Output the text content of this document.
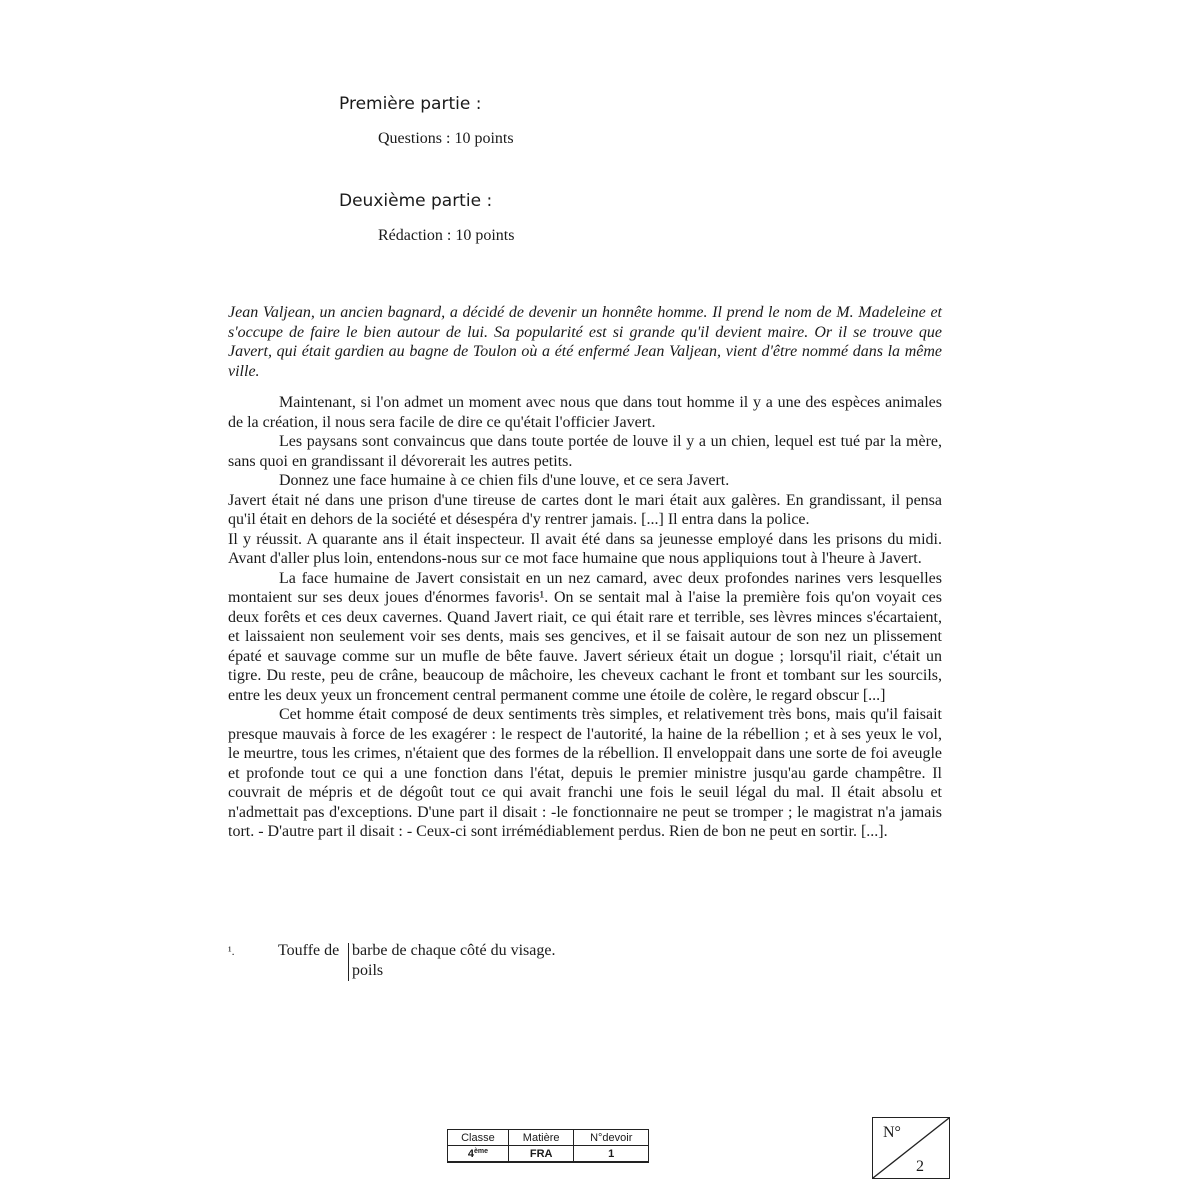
Première partie :

Questions : 10 points

Deuxième partie :

Rédaction : 10 points

Jean Valjean, un ancien bagnard, a décidé de devenir un honnête homme. Il prend le nom de M. Madeleine et s'occupe de faire le bien autour de lui. Sa popularité est si grande qu'il devient maire. Or il se trouve que Javert, qui était gardien au bagne de Toulon où a été enfermé Jean Valjean, vient d'être nommé dans la même ville.

Maintenant, si l'on admet un moment avec nous que dans tout homme il y a une des espèces animales de la création, il nous sera facile de dire ce qu'était l'officier Javert.

Les paysans sont convaincus que dans toute portée de louve il y a un chien, lequel est tué par la mère, sans quoi en grandissant il dévorerait les autres petits.

Donnez une face humaine à ce chien fils d'une louve, et ce sera Javert.

Javert était né dans une prison d'une tireuse de cartes dont le mari était aux galères. En grandissant, il pensa qu'il était en dehors de la société et désespéra d'y rentrer jamais. [...] Il entra dans la police.

Il y réussit. A quarante ans il était inspecteur. Il avait été dans sa jeunesse employé dans les prisons du midi. Avant d'aller plus loin, entendons-nous sur ce mot face humaine que nous appliquions tout à l'heure à Javert.

La face humaine de Javert consistait en un nez camard, avec deux profondes narines vers lesquelles montaient sur ses deux joues d'énormes favoris¹. On se sentait mal à l'aise la première fois qu'on voyait ces deux forêts et ces deux cavernes. Quand Javert riait, ce qui était rare et terrible, ses lèvres minces s'écartaient, et laissaient non seulement voir ses dents, mais ses gencives, et il se faisait autour de son nez un plissement épaté et sauvage comme sur un mufle de bête fauve. Javert sérieux était un dogue ; lorsqu'il riait, c'était un tigre. Du reste, peu de crâne, beaucoup de mâchoire, les cheveux cachant le front et tombant sur les sourcils, entre les deux yeux un froncement central permanent comme une étoile de colère, le regard obscur [...]

Cet homme était composé de deux sentiments très simples, et relativement très bons, mais qu'il faisait presque mauvais à force de les exagérer : le respect de l'autorité, la haine de la rébellion ; et à ses yeux le vol, le meurtre, tous les crimes, n'étaient que des formes de la rébellion. Il enveloppait dans une sorte de foi aveugle et profonde tout ce qui a une fonction dans l'état, depuis le premier ministre jusqu'au garde champêtre. Il couvrait de mépris et de dégoût tout ce qui avait franchi une fois le seuil légal du mal. Il était absolu et n'admettait pas d'exceptions. D'une part il disait : -le fonctionnaire ne peut se tromper ; le magistrat n'a jamais tort. - D'autre part il disait : - Ceux-ci sont irrémédiablement perdus. Rien de bon ne peut en sortir. [...].

¹.	Touffe de barbe de chaque côté du visage.
poils
Classe	Matière	N°devoir
4ème	FRA	1
N°
2
